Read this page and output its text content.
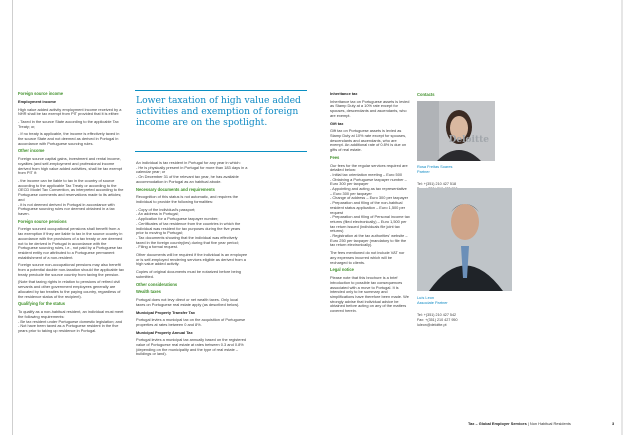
Foreign source income

Employment income

High value added activity employment income received by a NHR shall be tax exempt from PIT provided that it is either:

- Taxed in the source State according to the applicable Tax Treaty; or,

- If no treaty is applicable, the income is effectively taxed in the source State and not deemed as derived in Portugal in accordance with Portuguese sourcing rules.

Other income

Foreign source capital gains, investment and rental income, royalties (and self-employment and professional income derived from high value added activities, shall be tax exempt from PIT if:

- the income can be liable to tax in the country of source according to the applicable Tax Treaty or according to the OECD Model Tax Convention, as interpreted according to the Portuguese comments and reservations made to its articles; and
- it is not deemed derived in Portugal in accordance with Portuguese sourcing rules nor deemed obtained in a tax haven.

Foreign source pensions

Foreign sourced occupational pensions shall benefit from a tax exemption if they are liable to tax in the source country in accordance with the provisions of a tax treaty or are deemed not to be derived in Portugal in accordance with the Portuguese sourcing rules, i.e., not paid by a Portuguese tax resident entity nor attributed to a Portuguese permanent establishment of a non-resident.

Foreign source non-occupational pensions may also benefit from a potential double non-taxation should the applicable tax treaty preclude the source country from taxing the pension.

(Note that taxing rights in relation to pensions of retired civil servants and other government employees generally are allocated by tax treaties to the paying country, regardless of the residence status of the recipient).

Qualifying for the status

To qualify as a non-habitual resident, an individual must meet the following requirements:
- Be tax resident under Portuguese domestic legislation; and
- Not have been taxed as a Portuguese resident in the five years prior to taking up residence in Portugal.

Lower taxation of high value added
activities and exemption of foreign
income are on the spotlight.

An individual is tax resident in Portugal for any year in which:
- He is physically present in Portugal for more than 183 days in a calendar year; or
- On December 31 of the relevant tax year, he has available accommodation in Portugal as an habitual abode.

Necessary documents and requirements

Recognition of this status is not automatic, and requires the individual to provide the following formalities:

- Copy of the individual's passport;
- An address in Portugal;
- Application for a Portuguese taxpayer number;
- Certificates of tax residence from the countries in which the individual was resident for tax purposes during the five years prior to moving to Portugal;
- Tax documents showing that the individual was effectively taxed in the foreign country(ies) during that five year period;
- Filing a formal request.

Other documents will be required if the individual is an employee or is self-employed rendering services eligible as derived from a high value added activity.

Copies of original documents must be notarized before being submitted.

Other considerations

Wealth taxes

Portugal does not levy direct or net wealth taxes. Only local taxes on Portuguese real estate apply (as described below).

Municipal Property Transfer Tax

Portugal levies a municipal tax on the acquisition of Portuguese properties at rates between 0 and 8%.

Municipal Property Annual Tax

Portugal levies a municipal tax annually based on the registered value of Portuguese real estate at rates between 0.3 and 0.8% (depending on the municipality and the type of real estate – buildings or land).

Inheritance tax

Inheritance tax on Portuguese assets is levied as Stamp Duty at a 10% rate except for spouses, descendants and ascendants, who are exempt.

Gift tax

Gift tax on Portuguese assets is levied as Stamp Duty at 10% rate except for spouses, descendants and ascendants, who are exempt. An additional rate of 0.8% is due on gifts of real estate.

Fees

Our fees for the regular services required are detailed below:
- Initial tax orientation meeting – Euro 500
- Obtaining a Portuguese taxpayer number – Euro 300 per taxpayer
- Appointing and acting as tax representative – Euro 300 per taxpayer
- Change of address – Euro 300 per taxpayer
- Preparation and filing of the non-habitual resident status application – Euro 1,500 per request
- Preparation and filing of Personal income tax returns (filed electronically) – Euro 1,500 per tax return issued (individuals file joint tax returns)
- Registration at the tax authorities' website – Euro 250 per taxpayer (mandatory to file the tax return electronically).

The fees mentioned do not include VAT nor any expenses incurred which will be recharged to clients.

Legal notice

Please note that this brochure is a brief introduction to possible tax consequences associated with a move to Portugal. It is intended only to be summary and simplifications have therefore been made. We strongly advise that individual advice be obtained before acting on any of the matters covered herein.

Contacts
Deloitte
Rosa Freitas Soares
Partner
Tel: +(351) 210 427 518

Luís Leon
Associate Partner
Tel: +(351) 210 427 542
Fax: +(351) 210 427 950
luleon@deloitte.pt
Tax – Global Employer Services | Non Habitual Residents	3
